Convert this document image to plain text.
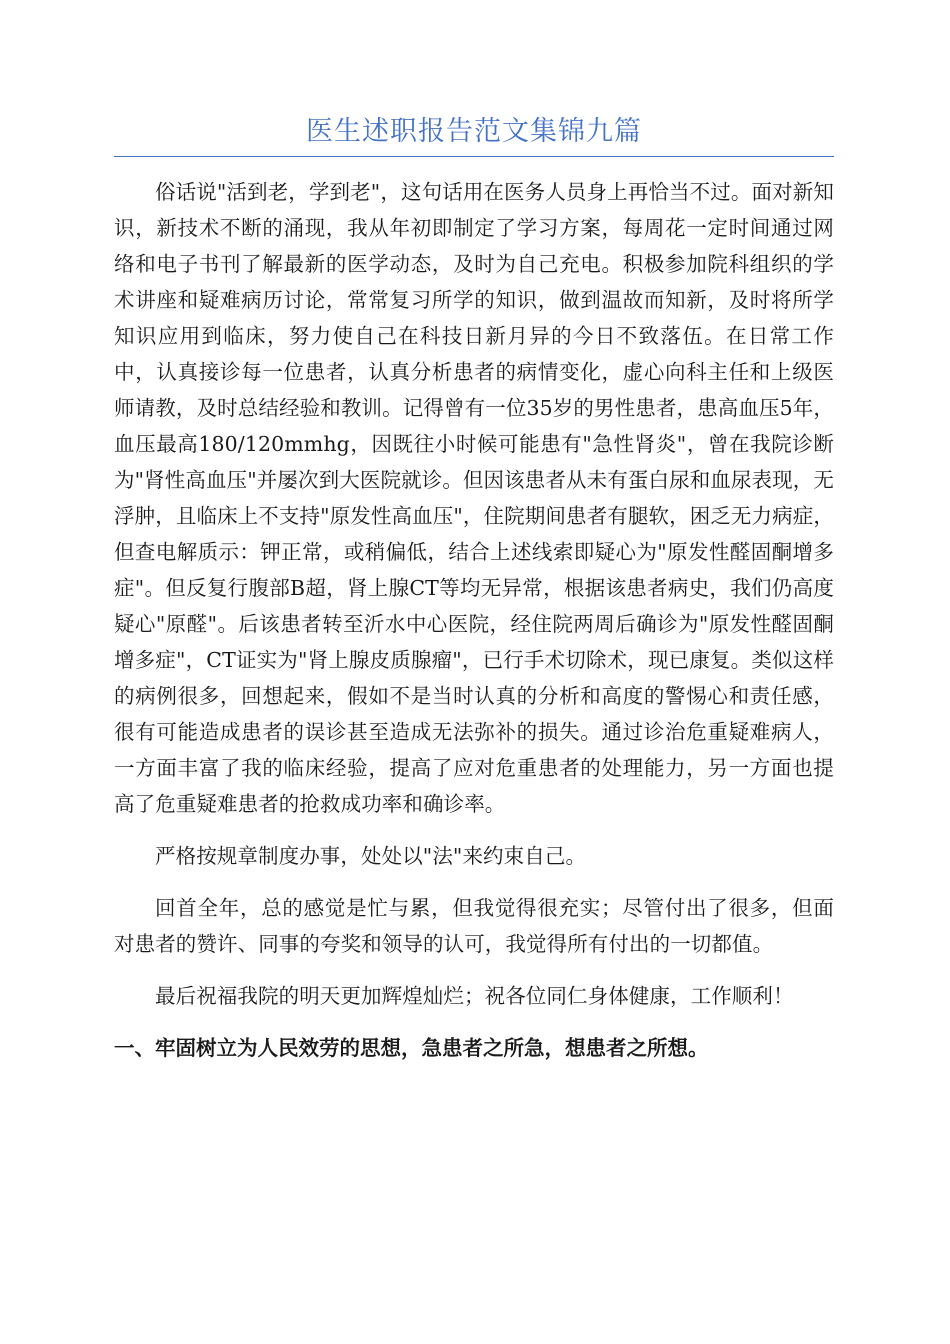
医生述职报告范文集锦九篇

俗话说"活到老，学到老"，这句话用在医务人员身上再恰当不过。面对新知识，新技术不断的涌现，我从年初即制定了学习方案，每周花一定时间通过网络和电子书刊了解最新的医学动态，及时为自己充电。积极参加院科组织的学术讲座和疑难病历讨论，常常复习所学的知识，做到温故而知新，及时将所学知识应用到临床，努力使自己在科技日新月异的今日不致落伍。在日常工作中，认真接诊每一位患者，认真分析患者的病情变化，虚心向科主任和上级医师请教，及时总结经验和教训。记得曾有一位35岁的男性患者，患高血压5年，血压最高180/120mmhg，因既往小时候可能患有"急性肾炎"，曾在我院诊断为"肾性高血压"并屡次到大医院就诊。但因该患者从未有蛋白尿和血尿表现，无浮肿，且临床上不支持"原发性高血压"，住院期间患者有腿软，困乏无力病症，但查电解质示：钾正常，或稍偏低，结合上述线索即疑心为"原发性醛固酮增多症"。但反复行腹部B超，肾上腺CT等均无异常，根据该患者病史，我们仍高度疑心"原醛"。后该患者转至沂水中心医院，经住院两周后确诊为"原发性醛固酮增多症"，CT证实为"肾上腺皮质腺瘤"，已行手术切除术，现已康复。类似这样的病例很多，回想起来，假如不是当时认真的分析和高度的警惕心和责任感，很有可能造成患者的误诊甚至造成无法弥补的损失。通过诊治危重疑难病人，一方面丰富了我的临床经验，提高了应对危重患者的处理能力，另一方面也提高了危重疑难患者的抢救成功率和确诊率。

严格按规章制度办事，处处以"法"来约束自己。

回首全年，总的感觉是忙与累，但我觉得很充实；尽管付出了很多，但面对患者的赞许、同事的夸奖和领导的认可，我觉得所有付出的一切都值。

最后祝福我院的明天更加辉煌灿烂；祝各位同仁身体健康，工作顺利！

一、牢固树立为人民效劳的思想，急患者之所急，想患者之所想。
